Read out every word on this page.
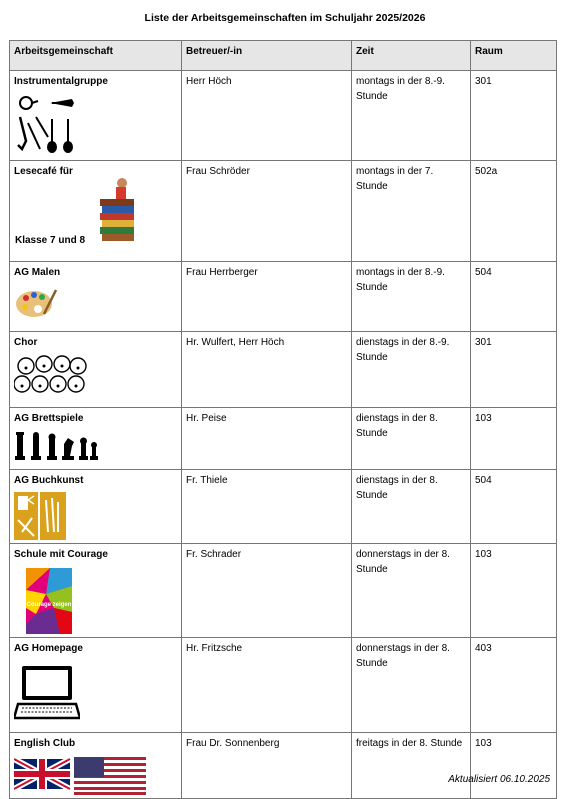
Liste der Arbeitsgemeinschaften im Schuljahr 2025/2026
Arbeitsgemeinschaft	Betreuer/-in	Zeit	Raum
Instrumentalgruppe	Herr Höch	montags in der 8.-9. Stunde	301
Lesecafé für
Klasse 7 und 8	Frau Schröder	montags in der 7. Stunde	502a
AG Malen	Frau Herrberger	montags in der 8.-9. Stunde	504
Chor	Hr. Wulfert, Herr Höch	dienstags in der 8.-9. Stunde	301
AG Brettspiele	Hr. Peise	dienstags in der 8. Stunde	103
AG Buchkunst	Fr. Thiele	dienstags in der 8. Stunde	504
Schule mit Courage
Courage zeigen	Fr. Schrader	donnerstags in der 8. Stunde	103
AG Homepage	Hr. Fritzsche	donnerstags in der 8. Stunde	403
English Club	Frau Dr. Sonnenberg	freitags in der 8. Stunde	103
Aktualisiert 06.10.2025
